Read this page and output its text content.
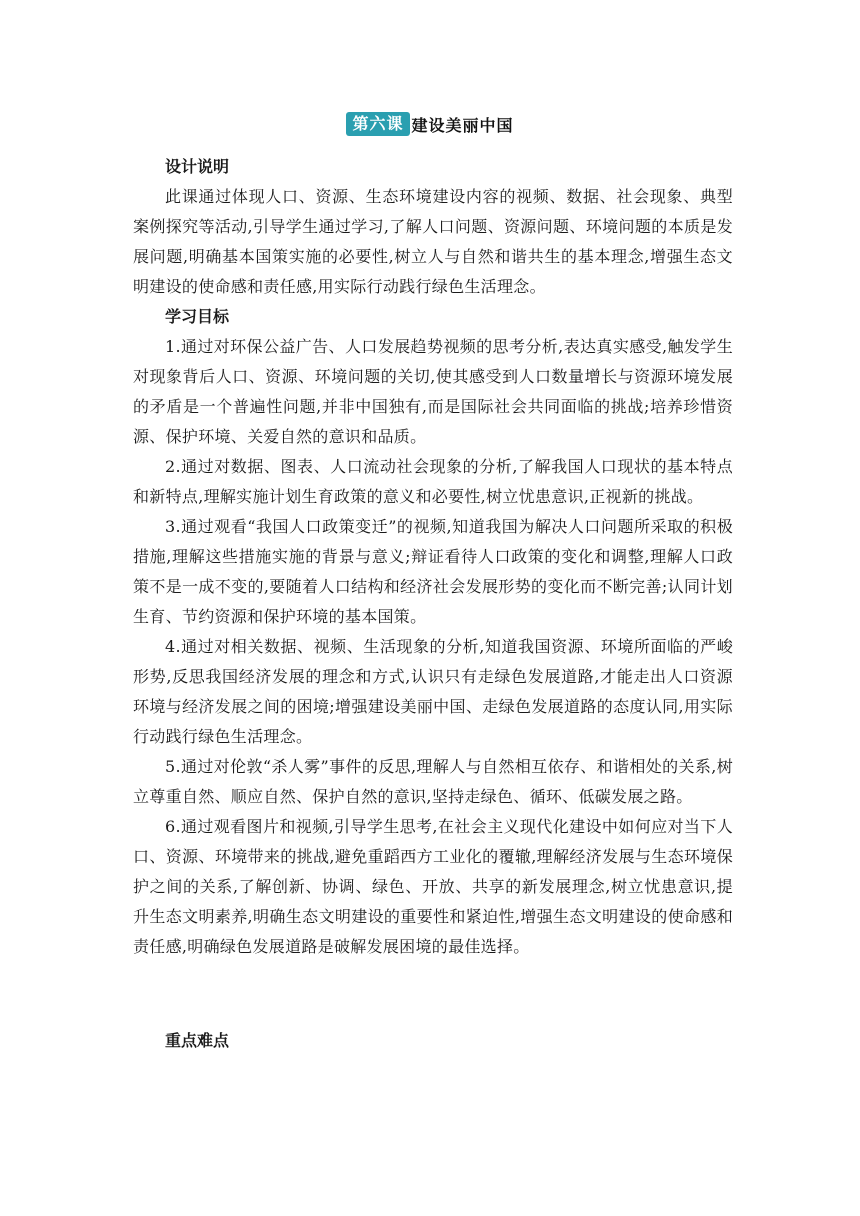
第六课 建设美丽中国

设计说明

此课通过体现人口、资源、生态环境建设内容的视频、数据、社会现象、典型案例探究等活动,引导学生通过学习,了解人口问题、资源问题、环境问题的本质是发展问题,明确基本国策实施的必要性,树立人与自然和谐共生的基本理念,增强生态文明建设的使命感和责任感,用实际行动践行绿色生活理念。

学习目标

1.通过对环保公益广告、人口发展趋势视频的思考分析,表达真实感受,触发学生对现象背后人口、资源、环境问题的关切,使其感受到人口数量增长与资源环境发展的矛盾是一个普遍性问题,并非中国独有,而是国际社会共同面临的挑战;培养珍惜资源、保护环境、关爱自然的意识和品质。

2.通过对数据、图表、人口流动社会现象的分析,了解我国人口现状的基本特点和新特点,理解实施计划生育政策的意义和必要性,树立忧患意识,正视新的挑战。

3.通过观看“我国人口政策变迁”的视频,知道我国为解决人口问题所采取的积极措施,理解这些措施实施的背景与意义;辩证看待人口政策的变化和调整,理解人口政策不是一成不变的,要随着人口结构和经济社会发展形势的变化而不断完善;认同计划生育、节约资源和保护环境的基本国策。

4.通过对相关数据、视频、生活现象的分析,知道我国资源、环境所面临的严峻形势,反思我国经济发展的理念和方式,认识只有走绿色发展道路,才能走出人口资源环境与经济发展之间的困境;增强建设美丽中国、走绿色发展道路的态度认同,用实际行动践行绿色生活理念。

5.通过对伦敦“杀人雾”事件的反思,理解人与自然相互依存、和谐相处的关系,树立尊重自然、顺应自然、保护自然的意识,坚持走绿色、循环、低碳发展之路。

6.通过观看图片和视频,引导学生思考,在社会主义现代化建设中如何应对当下人口、资源、环境带来的挑战,避免重蹈西方工业化的覆辙,理解经济发展与生态环境保护之间的关系,了解创新、协调、绿色、开放、共享的新发展理念,树立忧患意识,提升生态文明素养,明确生态文明建设的重要性和紧迫性,增强生态文明建设的使命感和责任感,明确绿色发展道路是破解发展困境的最佳选择。

重点难点
